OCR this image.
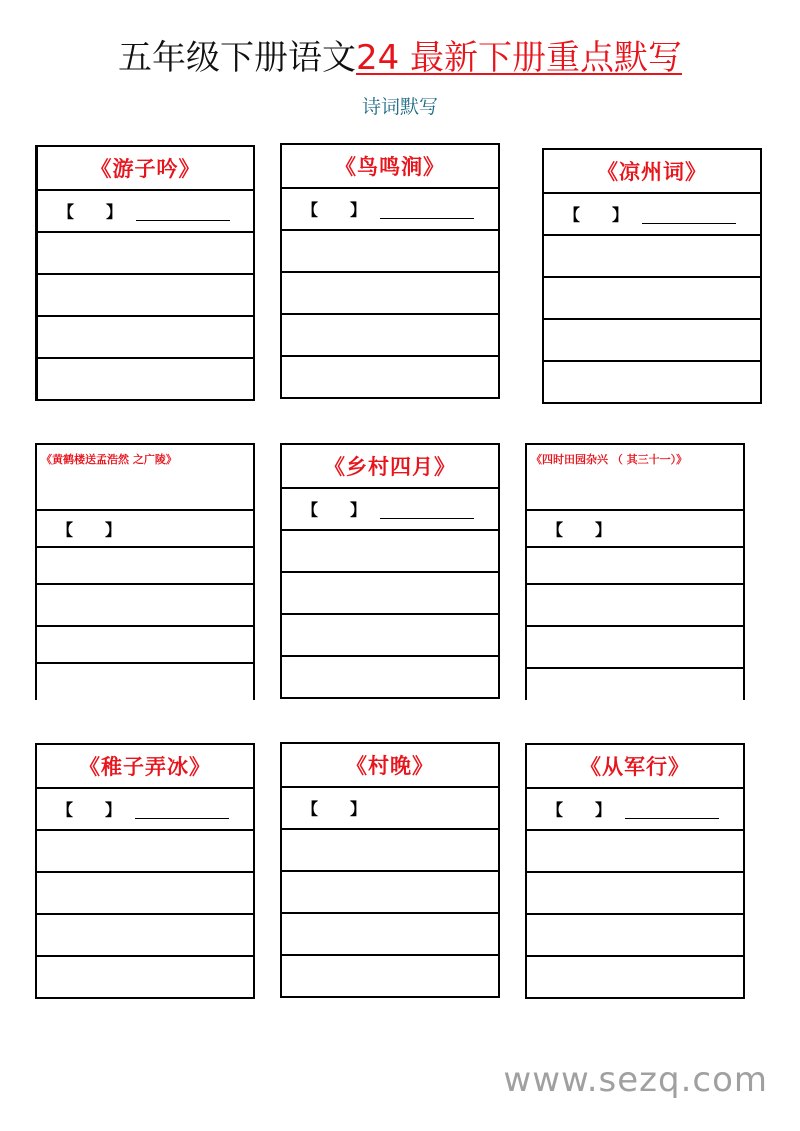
五年级下册语文24 最新下册重点默写
诗词默写
《游子吟》
【　　】
《鸟鸣涧》
【　　】
《凉州词》
【　　】
《黄鹤楼送孟浩然 之广陵》
【　　】
《乡村四月》
【　　】
《四时田园杂兴 （ 其三十一）》
【　　】
《稚子弄冰》
【　　】
《村晚》
【　　】
《从军行》
【　　】
www.sezq.com
